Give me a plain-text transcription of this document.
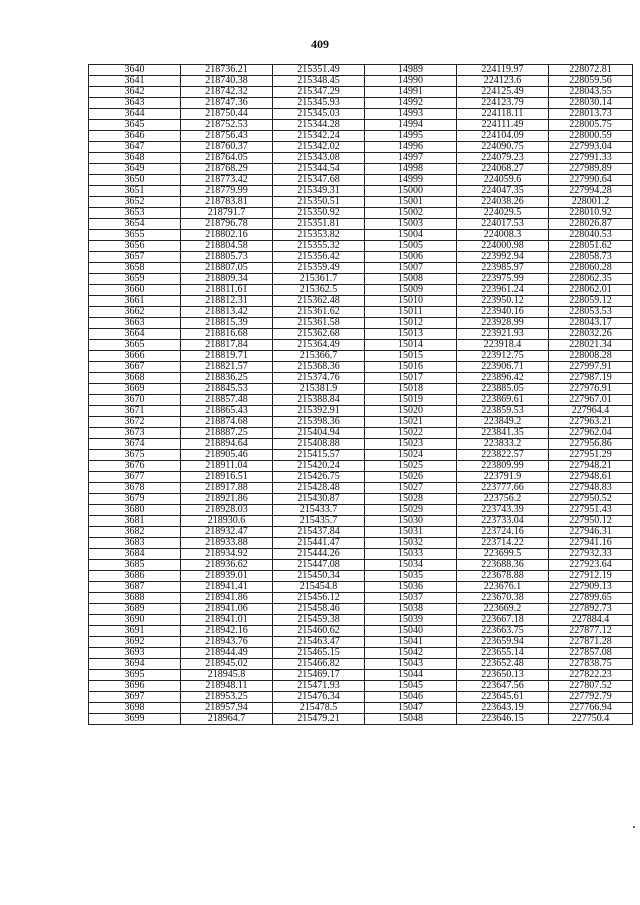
409
3640	218736.21	215351.49	14989	224119.97	228072.81
3641	218740.38	215348.45	14990	224123.6	228059.56
3642	218742.32	215347.29	14991	224125.49	228043.55
3643	218747.36	215345.93	14992	224123.79	228030.14
3644	218750.44	215345.03	14993	224118.11	228013.73
3645	218752.53	215344.28	14994	224111.49	228005.75
3646	218756.43	215342.24	14995	224104.09	228000.59
3647	218760.37	215342.02	14996	224090.75	227993.04
3648	218764.05	215343.08	14997	224079.23	227991.33
3649	218768.29	215344.54	14998	224068.27	227989.89
3650	218773.42	215347.68	14999	224059.6	227990.64
3651	218779.99	215349.31	15000	224047.35	227994.28
3652	218783.81	215350.51	15001	224038.26	228001.2
3653	218791.7	215350.92	15002	224029.5	228010.92
3654	218796.78	215351.81	15003	224017.53	228026.87
3655	218802.16	215353.82	15004	224008.3	228040.53
3656	218804.58	215355.32	15005	224000.98	228051.62
3657	218805.73	215356.42	15006	223992.94	228058.73
3658	218807.05	215359.49	15007	223985.97	228060.28
3659	218809.34	215361.7	15008	223975.99	228062.35
3660	218811.61	215362.5	15009	223961.24	228062.01
3661	218812.31	215362.48	15010	223950.12	228059.12
3662	218813.42	215361.62	15011	223940.16	228053.53
3663	218815.39	215361.58	15012	223928.99	228043.17
3664	218816.68	215362.68	15013	223921.93	228032.26
3665	218817.84	215364.49	15014	223918.4	228021.34
3666	218819.71	215366.7	15015	223912.75	228008.28
3667	218821.57	215368.36	15016	223906.71	227997.91
3668	218836.25	215374.76	15017	223896.42	227987.19
3669	218845.53	215381.9	15018	223885.05	227976.91
3670	218857.48	215388.84	15019	223869.61	227967.01
3671	218865.43	215392.91	15020	223859.53	227964.4
3672	218874.68	215398.36	15021	223849.2	227963.21
3673	218887.25	215404.94	15022	223841.35	227962.04
3674	218894.64	215408.88	15023	223833.2	227956.86
3675	218905.46	215415.57	15024	223822.57	227951.29
3676	218911.04	215420.24	15025	223809.99	227948.21
3677	218916.51	215426.75	15026	223791.9	227948.61
3678	218917.88	215428.48	15027	223777.66	227948.83
3679	218921.86	215430.87	15028	223756.2	227950.52
3680	218928.03	215433.7	15029	223743.39	227951.43
3681	218930.6	215435.7	15030	223733.04	227950.12
3682	218932.47	215437.84	15031	223724.16	227946.31
3683	218933.88	215441.47	15032	223714.22	227941.16
3684	218934.92	215444.26	15033	223699.5	227932.33
3685	218936.62	215447.08	15034	223688.36	227923.64
3686	218939.01	215450.34	15035	223678.88	227912.19
3687	218941.41	215454.8	15036	223676.1	227909.13
3688	218941.86	215456.12	15037	223670.38	227899.65
3689	218941.06	215458.46	15038	223669.2	227892.73
3690	218941.01	215459.38	15039	223667.18	227884.4
3691	218942.16	215460.62	15040	223663.75	227877.12
3692	218943.76	215463.47	15041	223659.94	227871.28
3693	218944.49	215465.15	15042	223655.14	227857.08
3694	218945.02	215466.82	15043	223652.48	227838.75
3695	218945.8	215469.17	15044	223650.13	227822.23
3696	218948.11	215471.93	15045	223647.56	227807.52
3697	218953.25	215476.34	15046	223645.61	227792.79
3698	218957.94	215478.5	15047	223643.19	227766.94
3699	218964.7	215479.21	15048	223646.15	227750.4
